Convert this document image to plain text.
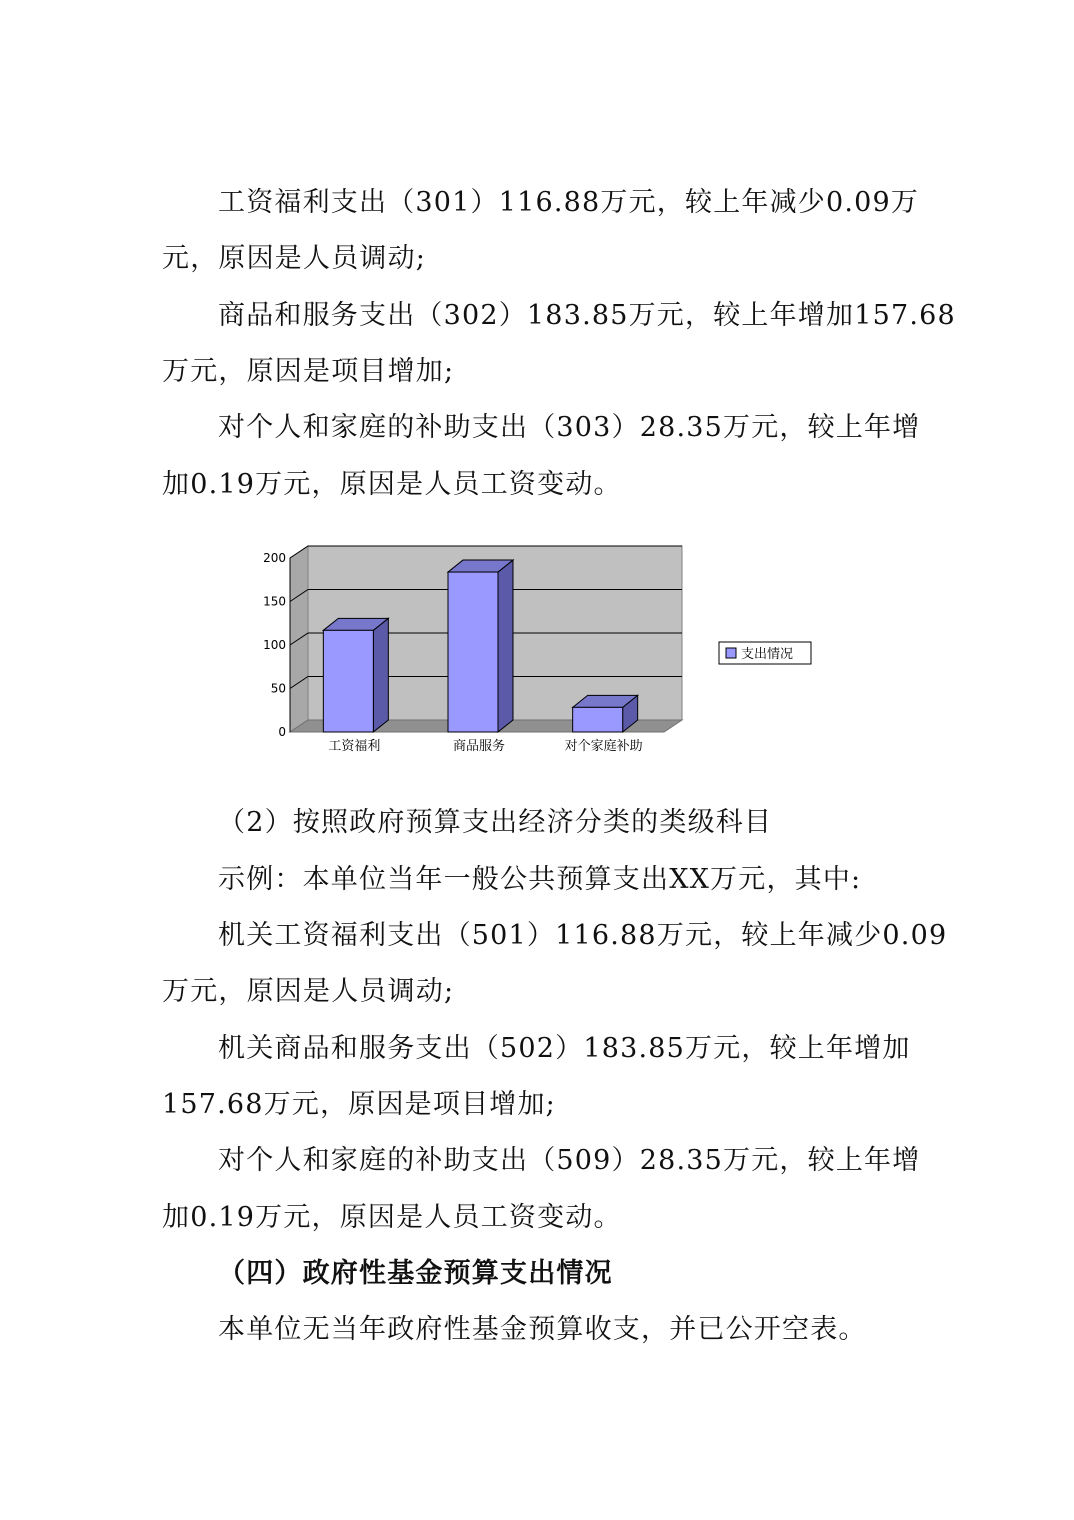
工资福利支出（301）116.88万元，较上年减少0.09万
元，原因是人员调动;
商品和服务支出（302）183.85万元，较上年增加157.68
万元，原因是项目增加;
对个人和家庭的补助支出（303）28.35万元，较上年增
加0.19万元，原因是人员工资变动。
0
50
100
150
200
工资福利	商品服务	对个家庭补助
支出情况
（2）按照政府预算支出经济分类的类级科目
示例：本单位当年一般公共预算支出XX万元，其中:
机关工资福利支出（501）116.88万元，较上年减少0.09
万元，原因是人员调动;
机关商品和服务支出（502）183.85万元，较上年增加
157.68万元，原因是项目增加;
对个人和家庭的补助支出（509）28.35万元，较上年增
加0.19万元，原因是人员工资变动。
（四）政府性基金预算支出情况
本单位无当年政府性基金预算收支，并已公开空表。
